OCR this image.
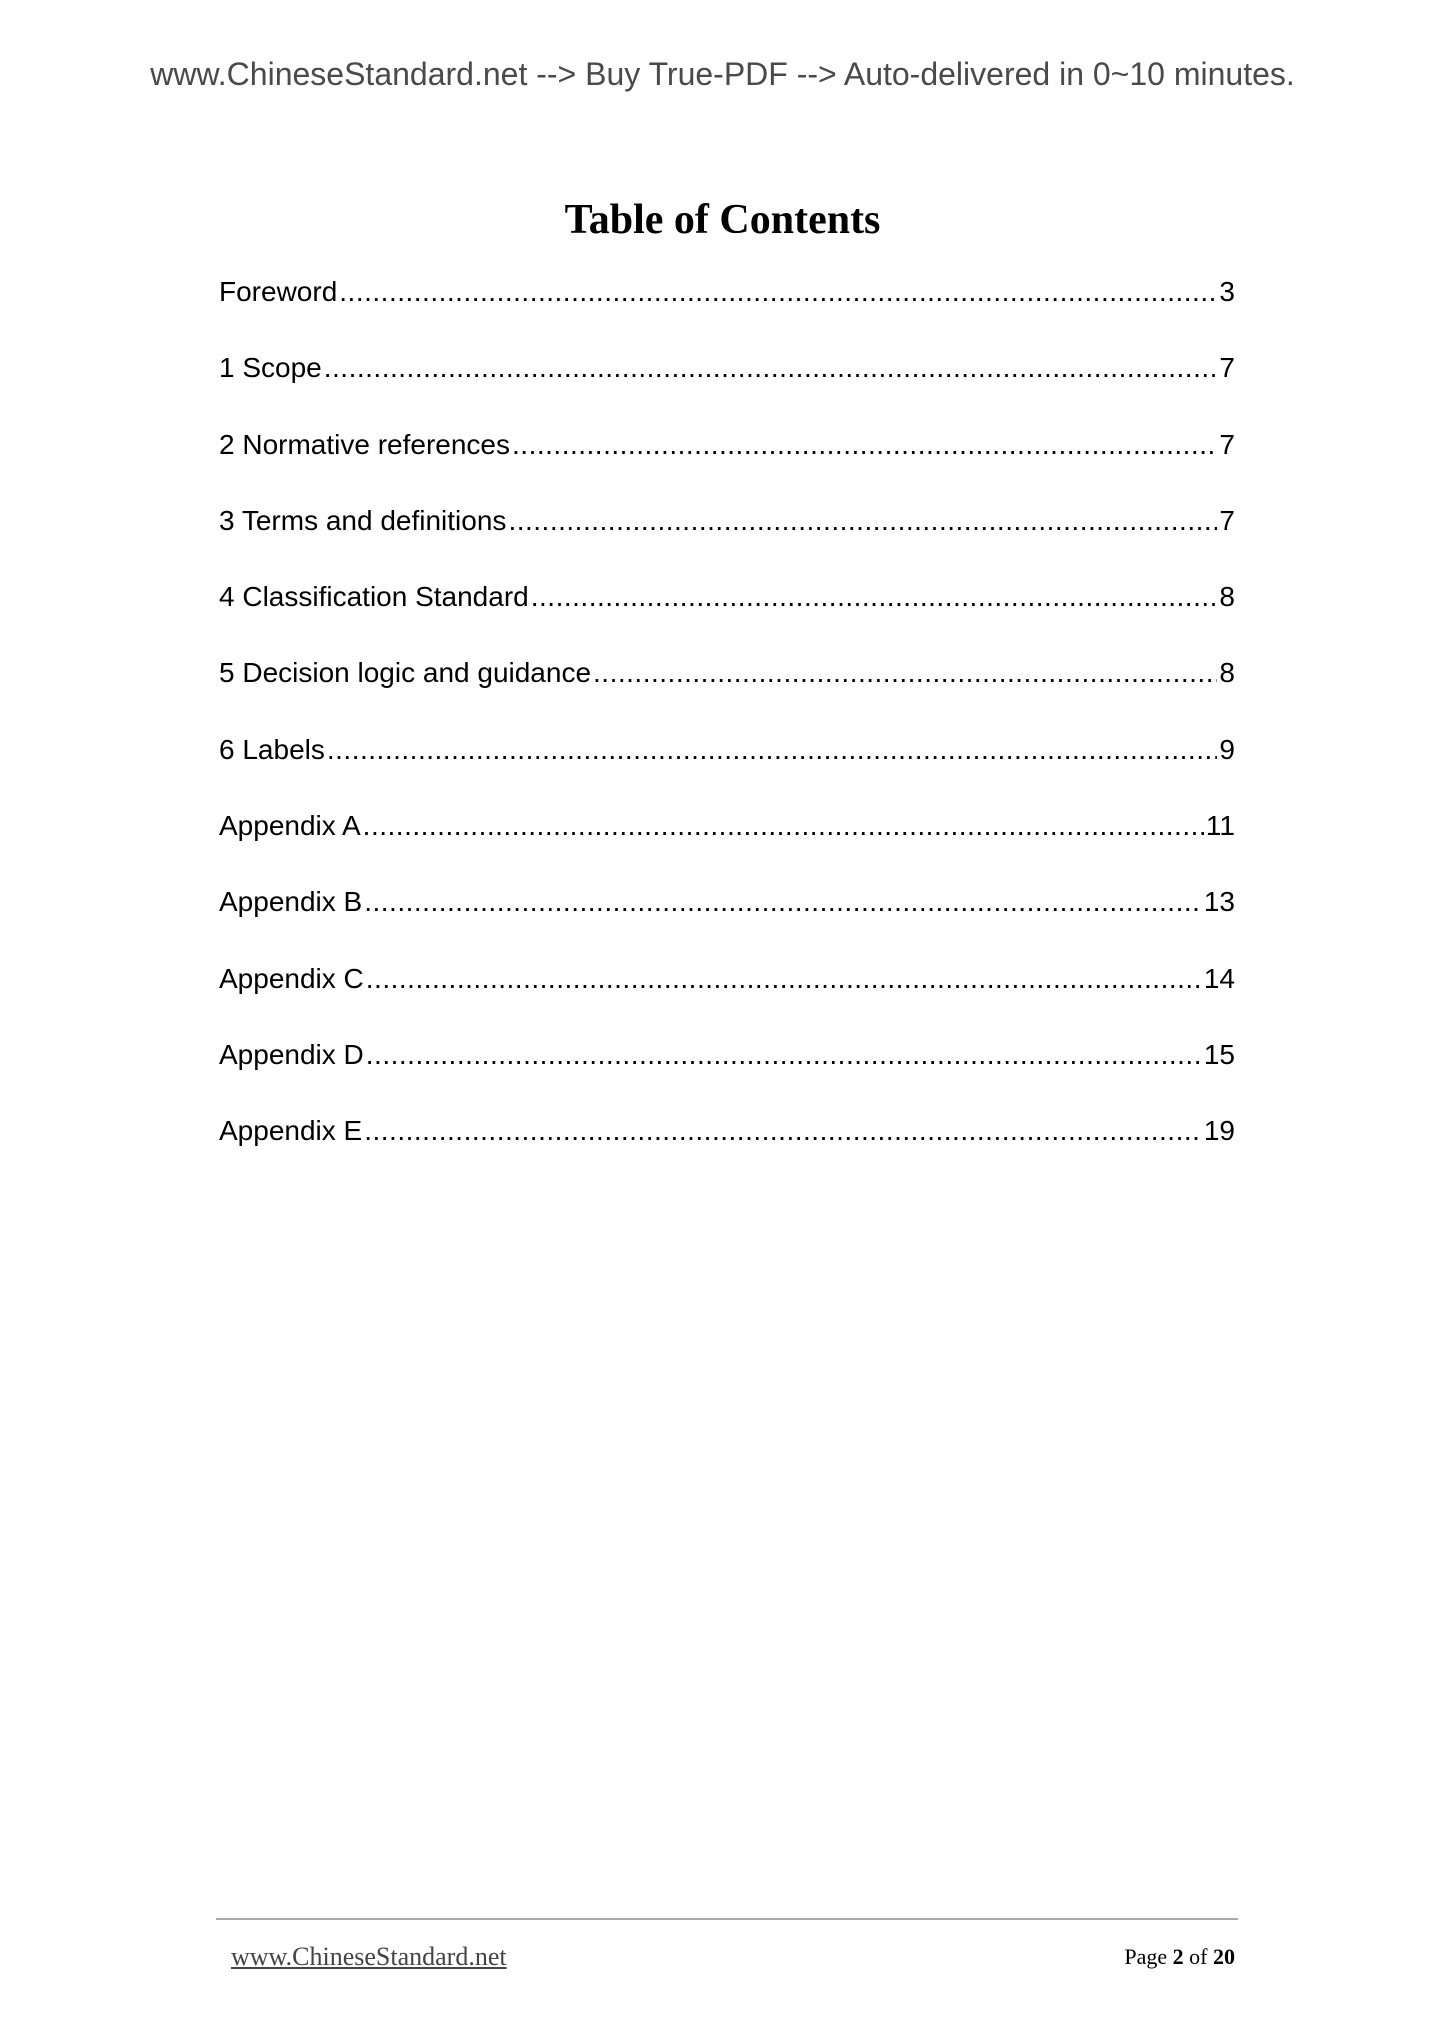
www.ChineseStandard.net --> Buy True-PDF --> Auto-delivered in 0~10 minutes.
Table of Contents
Foreword .....	3
1 Scope .....	7
2 Normative references .....	7
3 Terms and definitions .....	7
4 Classification Standard .....	8
5 Decision logic and guidance .....	8
6 Labels .....	9
Appendix A .....	11
Appendix B .....	13
Appendix C .....	14
Appendix D .....	15
Appendix E .....	19
www.ChineseStandard.net	Page 2 of 20
